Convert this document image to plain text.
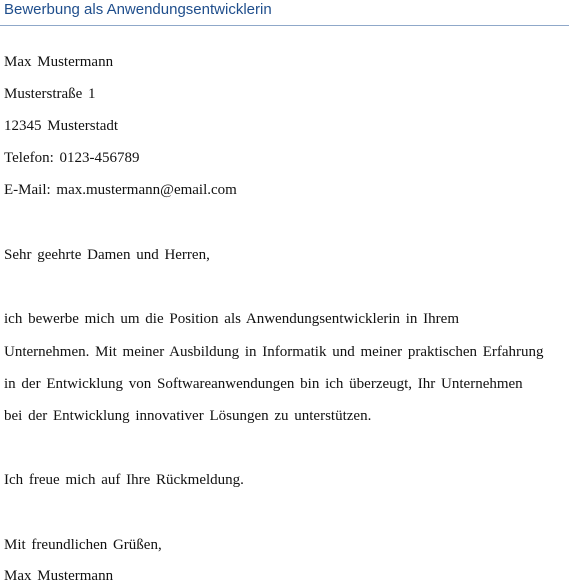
Bewerbung als Anwendungsentwicklerin
Max Mustermann
Musterstraße 1
12345 Musterstadt
Telefon: 0123-456789
E-Mail: max.mustermann@email.com
Sehr geehrte Damen und Herren,
ich bewerbe mich um die Position als Anwendungsentwicklerin in Ihrem
Unternehmen. Mit meiner Ausbildung in Informatik und meiner praktischen Erfahrung
in der Entwicklung von Softwareanwendungen bin ich überzeugt, Ihr Unternehmen
bei der Entwicklung innovativer Lösungen zu unterstützen.
Ich freue mich auf Ihre Rückmeldung.
Mit freundlichen Grüßen,
Max Mustermann
